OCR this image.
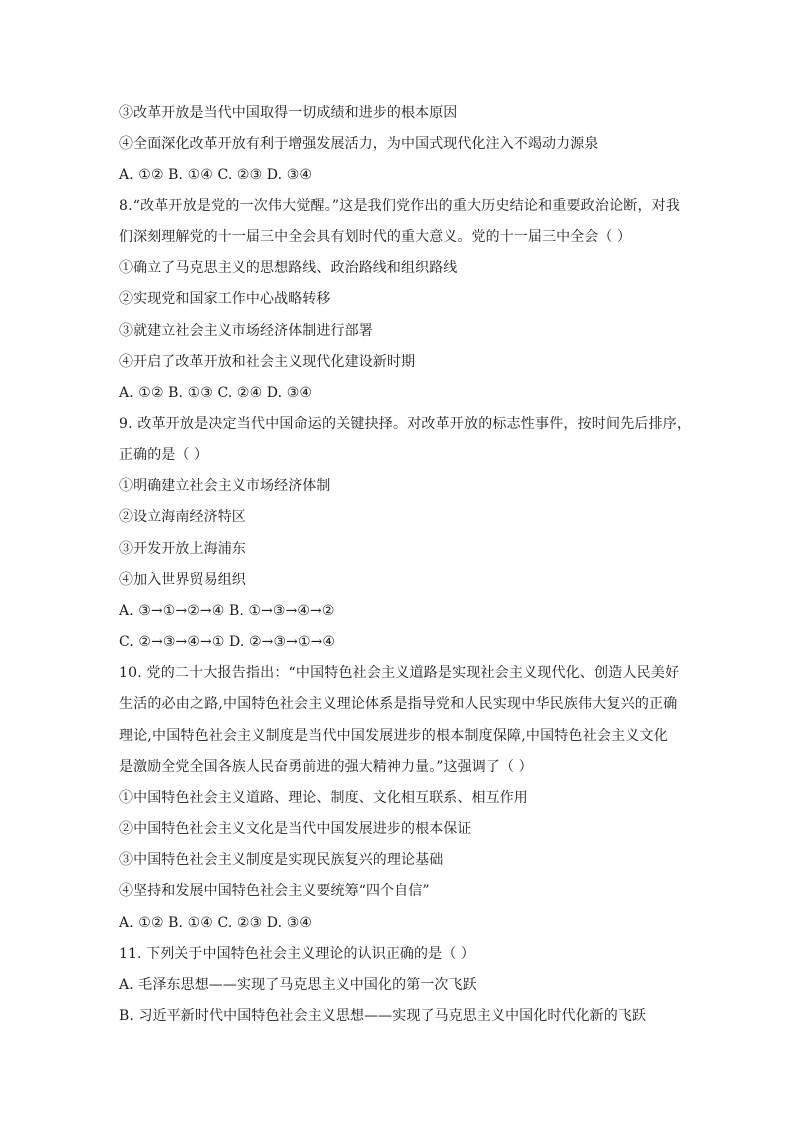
③改革开放是当代中国取得一切成绩和进步的根本原因
④全面深化改革开放有利于增强发展活力，为中国式现代化注入不竭动力源泉
A. ①② B. ①④ C. ②③ D. ③④
8.“改革开放是党的一次伟大觉醒。”这是我们党作出的重大历史结论和重要政治论断，对我
们深刻理解党的十一届三中全会具有划时代的重大意义。党的十一届三中全会（ ）
①确立了马克思主义的思想路线、政治路线和组织路线
②实现党和国家工作中心战略转移
③就建立社会主义市场经济体制进行部署
④开启了改革开放和社会主义现代化建设新时期
A. ①② B. ①③ C. ②④ D. ③④
9. 改革开放是决定当代中国命运的关键抉择。对改革开放的标志性事件，按时间先后排序，
正确的是（ ）
①明确建立社会主义市场经济体制
②设立海南经济特区
③开发开放上海浦东
④加入世界贸易组织
A. ③→①→②→④ B. ①→③→④→②
C. ②→③→④→① D. ②→③→①→④
10. 党的二十大报告指出：“中国特色社会主义道路是实现社会主义现代化、创造人民美好
生活的必由之路,中国特色社会主义理论体系是指导党和人民实现中华民族伟大复兴的正确
理论,中国特色社会主义制度是当代中国发展进步的根本制度保障,中国特色社会主义文化
是激励全党全国各族人民奋勇前进的强大精神力量。”这强调了（ ）
①中国特色社会主义道路、理论、制度、文化相互联系、相互作用
②中国特色社会主义文化是当代中国发展进步的根本保证
③中国特色社会主义制度是实现民族复兴的理论基础
④坚持和发展中国特色社会主义要统筹“四个自信”
A. ①② B. ①④ C. ②③ D. ③④
11. 下列关于中国特色社会主义理论的认识正确的是（ ）
A. 毛泽东思想——实现了马克思主义中国化的第一次飞跃
B. 习近平新时代中国特色社会主义思想——实现了马克思主义中国化时代化新的飞跃
